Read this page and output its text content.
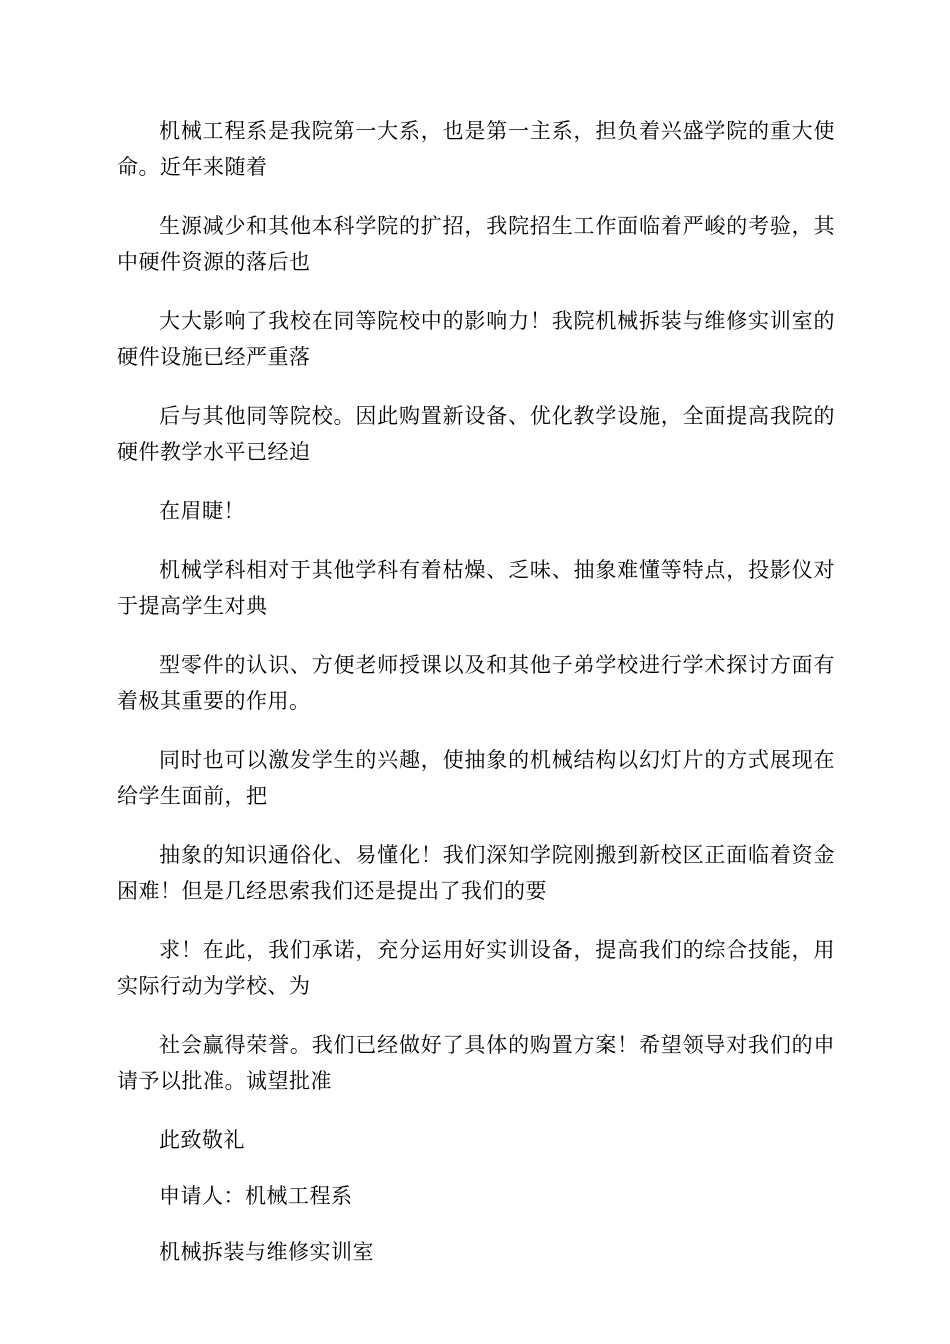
机械工程系是我院第一大系，也是第一主系，担负着兴盛学院的重大使命。近年来随着

生源减少和其他本科学院的扩招，我院招生工作面临着严峻的考验，其中硬件资源的落后也

大大影响了我校在同等院校中的影响力！我院机械拆装与维修实训室的硬件设施已经严重落

后与其他同等院校。因此购置新设备、优化教学设施，全面提高我院的硬件教学水平已经迫

在眉睫！

机械学科相对于其他学科有着枯燥、乏味、抽象难懂等特点，投影仪对于提高学生对典

型零件的认识、方便老师授课以及和其他子弟学校进行学术探讨方面有着极其重要的作用。

同时也可以激发学生的兴趣，使抽象的机械结构以幻灯片的方式展现在给学生面前，把

抽象的知识通俗化、易懂化！我们深知学院刚搬到新校区正面临着资金困难！但是几经思索我们还是提出了我们的要

求！在此，我们承诺，充分运用好实训设备，提高我们的综合技能，用实际行动为学校、为

社会赢得荣誉。我们已经做好了具体的购置方案！希望领导对我们的申请予以批准。诚望批准

此致敬礼

申请人：机械工程系

机械拆装与维修实训室
